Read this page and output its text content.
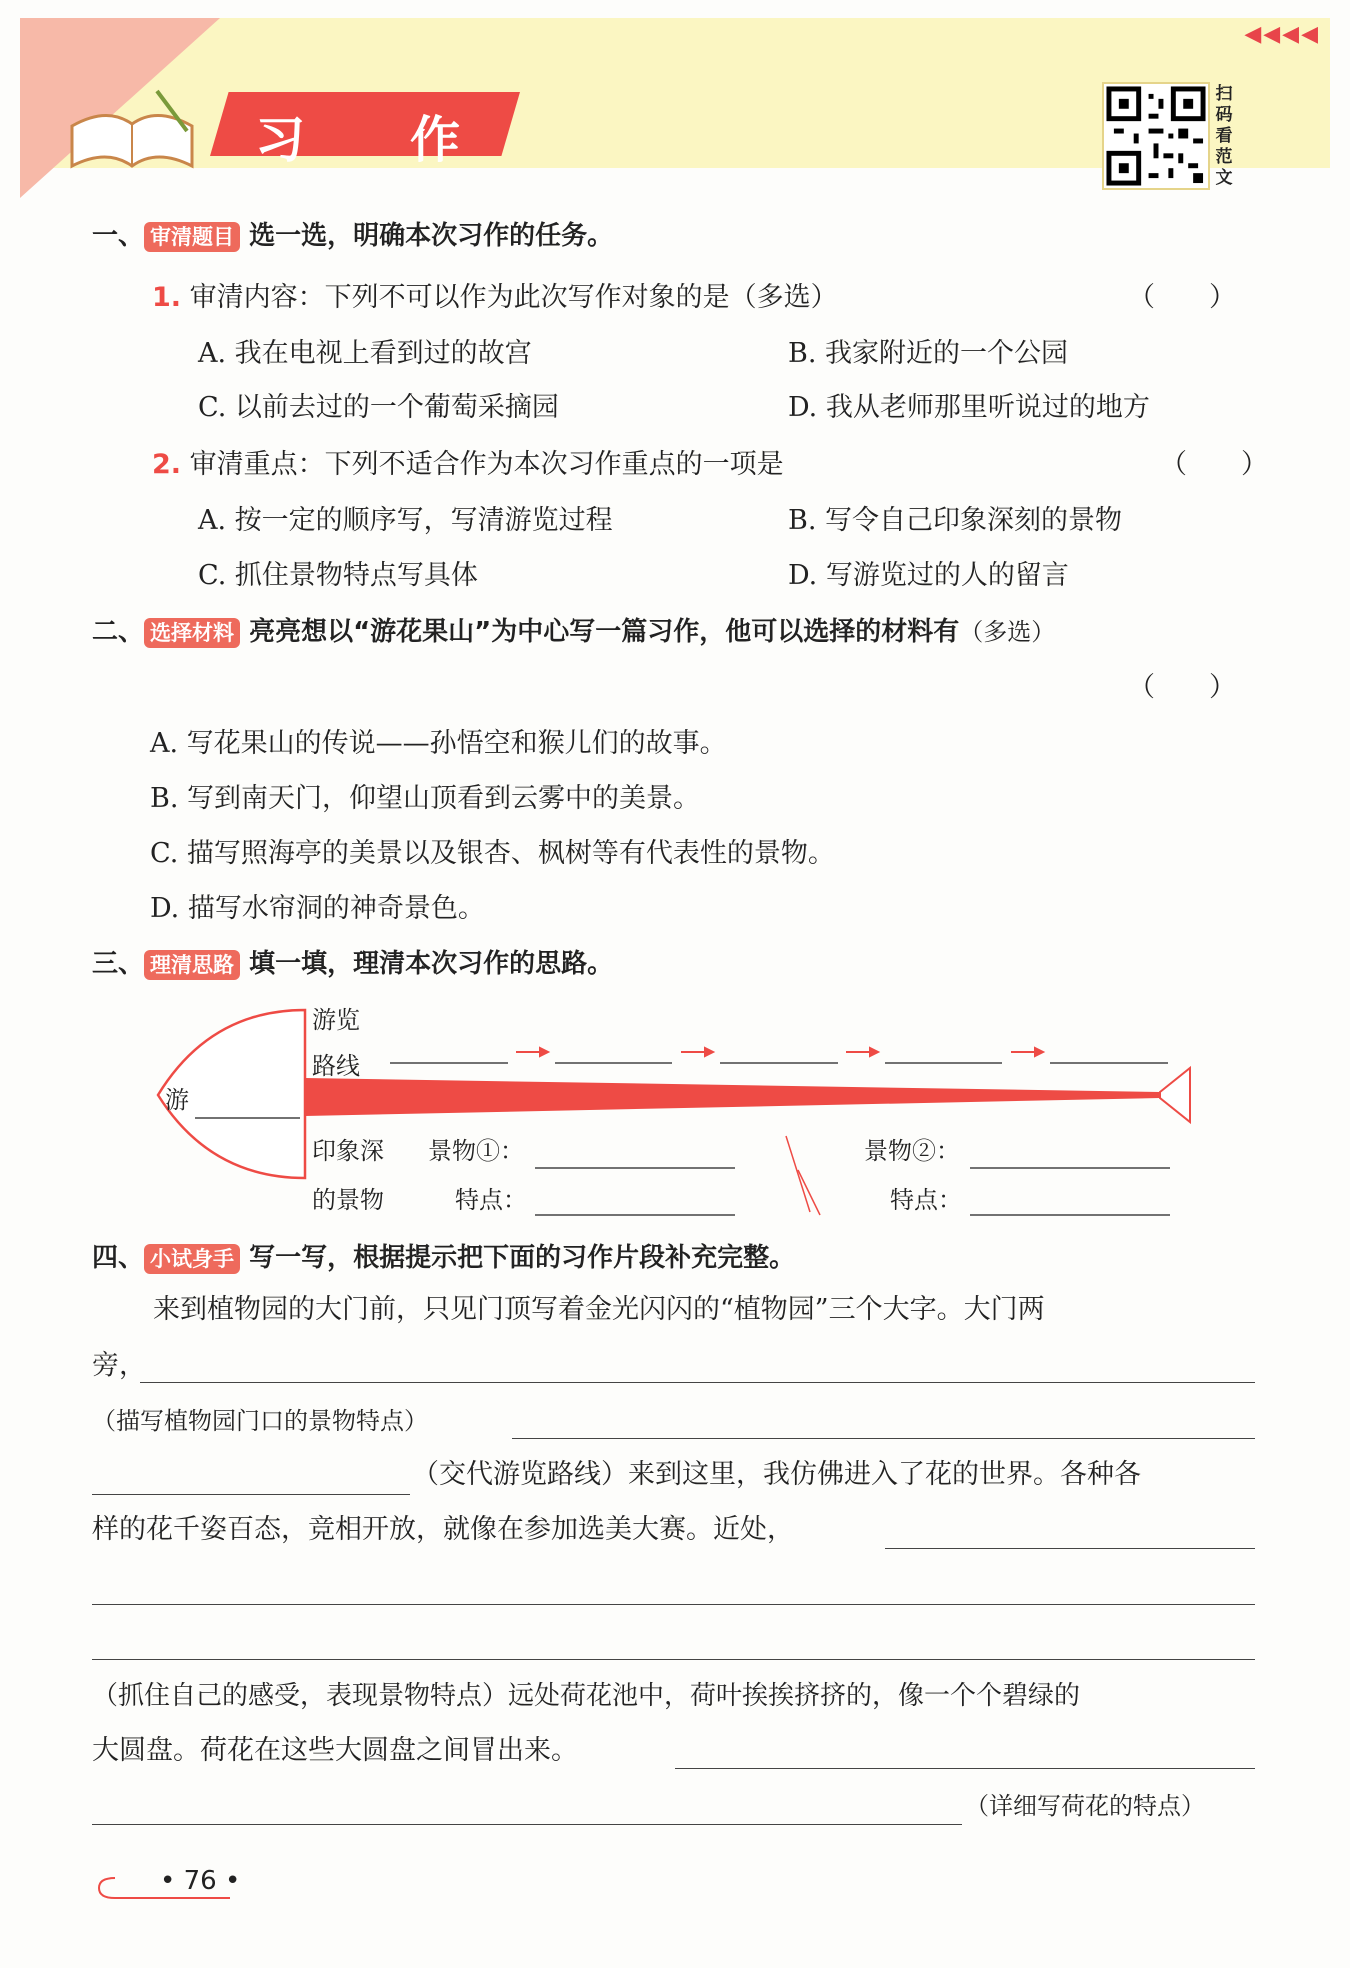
习 作
◀◀◀◀
扫
码
看
范
文
一、 审清题目 选一选，明确本次习作的任务。
1. 审清内容：下列不可以作为此次写作对象的是（多选）	（　　）
A. 我在电视上看到过的故宫	B. 我家附近的一个公园
C. 以前去过的一个葡萄采摘园	D. 我从老师那里听说过的地方
2. 审清重点：下列不适合作为本次习作重点的一项是	（　　）
A. 按一定的顺序写，写清游览过程	B. 写令自己印象深刻的景物
C. 抓住景物特点写具体	D. 写游览过的人的留言
二、 选择材料 亮亮想以“游花果山”为中心写一篇习作，他可以选择的材料有（多选）
（　　）
A. 写花果山的传说——孙悟空和猴儿们的故事。
B. 写到南天门，仰望山顶看到云雾中的美景。
C. 描写照海亭的美景以及银杏、枫树等有代表性的景物。
D. 描写水帘洞的神奇景色。
三、 理清思路 填一填，理清本次习作的思路。
游览
路线
游
印象深
的景物
景物①：
特点：
景物②：
特点：
四、 小试身手 写一写，根据提示把下面的习作片段补充完整。
来到植物园的大门前，只见门顶写着金光闪闪的“植物园”三个大字。大门两
旁，
（描写植物园门口的景物特点）
（交代游览路线）来到这里，我仿佛进入了花的世界。各种各
样的花千姿百态，竞相开放，就像在参加选美大赛。近处，
（抓住自己的感受，表现景物特点）远处荷花池中，荷叶挨挨挤挤的，像一个个碧绿的
大圆盘。荷花在这些大圆盘之间冒出来。
（详细写荷花的特点）
• 76 •
